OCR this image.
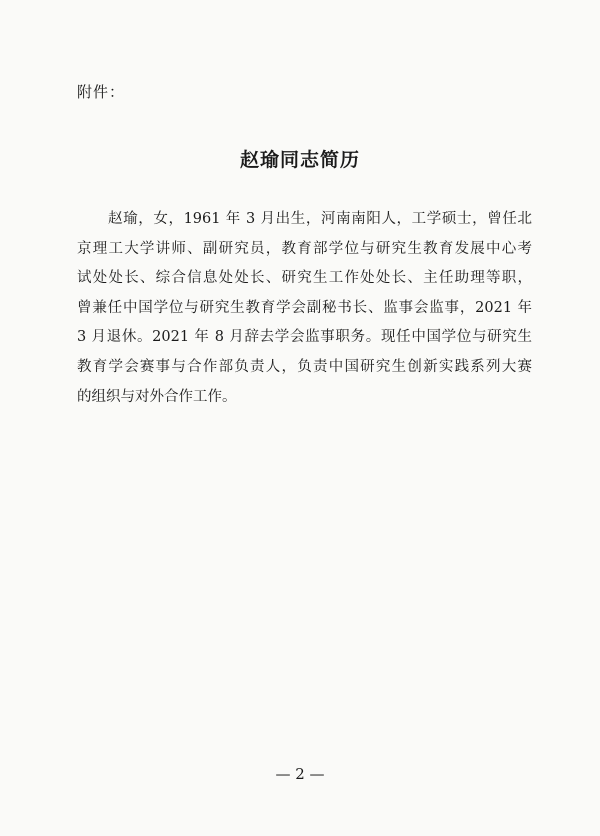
附件：
赵瑜同志简历
赵瑜，女，1961 年 3 月出生，河南南阳人，工学硕士，曾任北
京理工大学讲师、副研究员，教育部学位与研究生教育发展中心考
试处处长、综合信息处处长、研究生工作处处长、主任助理等职，
曾兼任中国学位与研究生教育学会副秘书长、监事会监事，2021 年
3 月退休。2021 年 8 月辞去学会监事职务。现任中国学位与研究生
教育学会赛事与合作部负责人，负责中国研究生创新实践系列大赛
的组织与对外合作工作。
— 2 —
